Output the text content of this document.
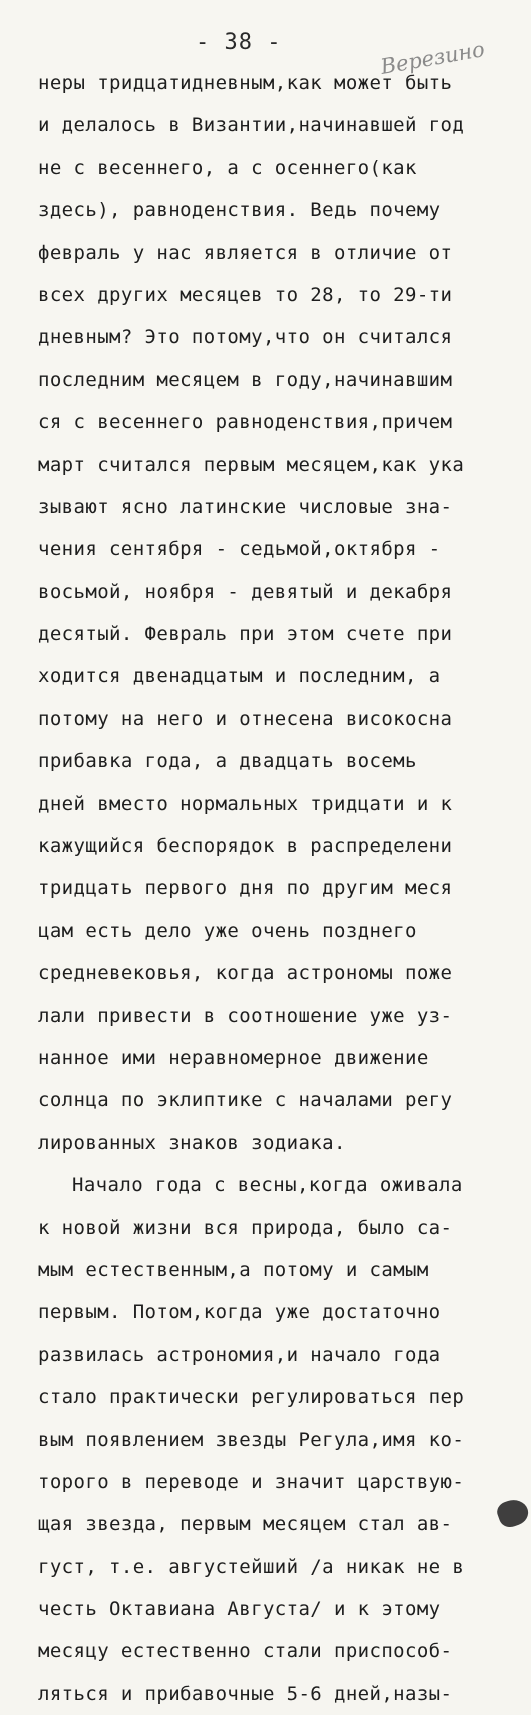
- 38 -	Верезино
неры тридцатидневным,как может быть
и делалось в Византии,начинавшей год
не с весеннего, а с осеннего(как
здесь), равноденствия. Ведь почему
февраль у нас является в отличие от
всех других месяцев то 28, то 29-ти
дневным? Это потому,что он считался
последним месяцем в году,начинавшим
ся с весеннего равноденствия,причем
март считался первым месяцем,как ука
зывают ясно латинские числовые зна-
чения сентября - седьмой,октября -
восьмой, ноября - девятый и декабря
десятый. Февраль при этом счете при
ходится двенадцатым и последним, а
потому на него и отнесена високосна
прибавка года, а двадцать восемь
дней вместо нормальных тридцати и к
кажущийся беспорядок в распределени
тридцать первого дня по другим меся
цам есть дело уже очень позднего
средневековья, когда астрономы поже
лали привести в соотношение уже уз-
нанное ими неравномерное движение
солнца по эклиптике с началами регу
лированных знаков зодиака.
Начало года с весны,когда оживала
к новой жизни вся природа, было са-
мым естественным,а потому и самым
первым. Потом,когда уже достаточно
развилась астрономия,и начало года
стало практически регулироваться пер
вым появлением звезды Регула,имя ко-
торого в переводе и значит царствую-
щая звезда, первым месяцем стал ав-
густ, т.е. августейший /а никак не в
честь Октавиана Августа/ и к этому
месяцу естественно стали приспособ-
ляться и прибавочные 5-6 дней,назы-
